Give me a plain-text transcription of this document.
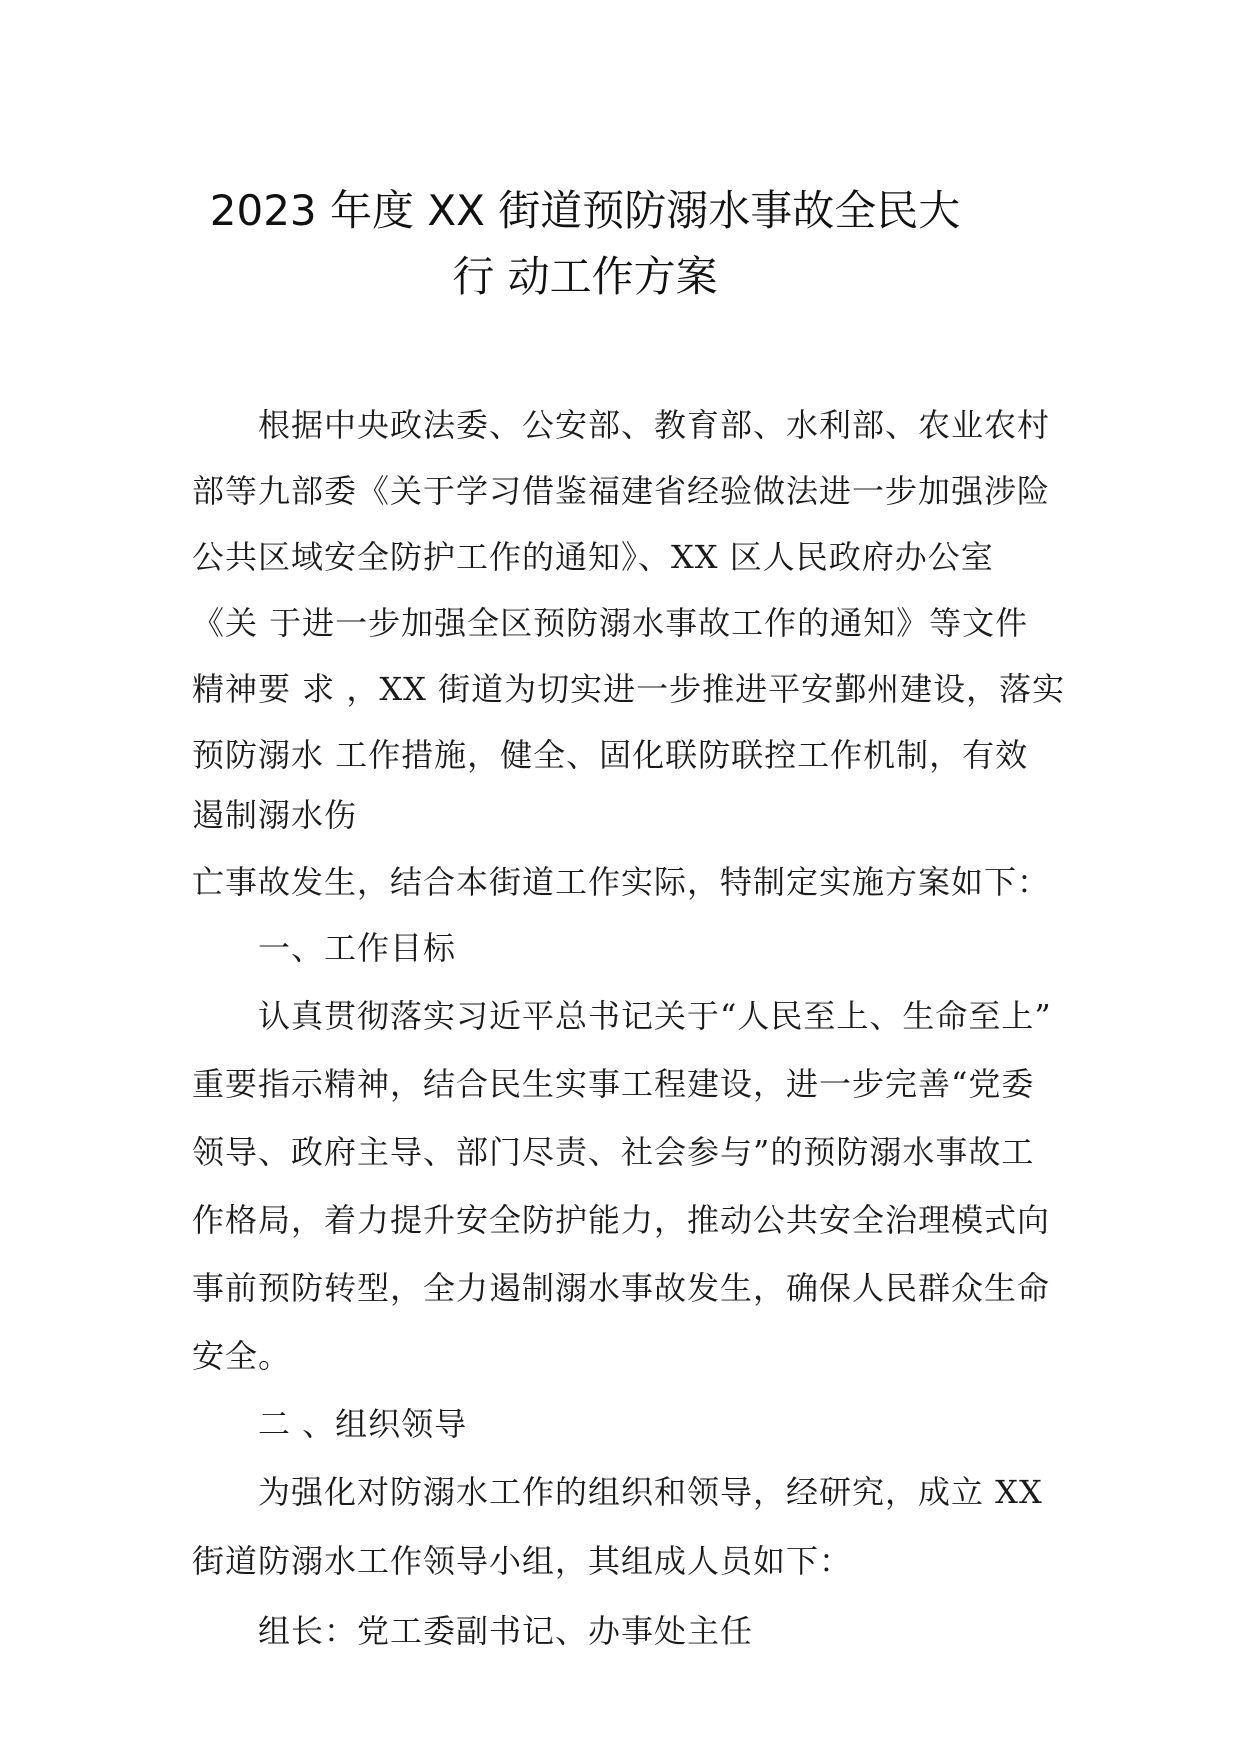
2023 年度 XX 街道预防溺水事故全民大
行 动工作方案
根据中央政法委、公安部、教育部、水利部、农业农村
部等九部委《关于学习借鉴福建省经验做法进一步加强涉险
公共区域安全防护工作的通知》、XX 区人民政府办公室
《关 于进一步加强全区预防溺水事故工作的通知》等文件
精神要 求 ，XX 街道为切实进一步推进平安鄞州建设，落实
预防溺水 工作措施，健全、固化联防联控工作机制，有效
遏制溺水伤
亡事故发生，结合本街道工作实际，特制定实施方案如下：
一、工作目标
认真贯彻落实习近平总书记关于“人民至上、生命至上”
重要指示精神，结合民生实事工程建设，进一步完善“党委
领导、政府主导、部门尽责、社会参与”的预防溺水事故工
作格局，着力提升安全防护能力，推动公共安全治理模式向
事前预防转型，全力遏制溺水事故发生，确保人民群众生命
安全。
二 、组织领导
为强化对防溺水工作的组织和领导，经研究，成立 XX
街道防溺水工作领导小组，其组成人员如下：
组长：党工委副书记、办事处主任
